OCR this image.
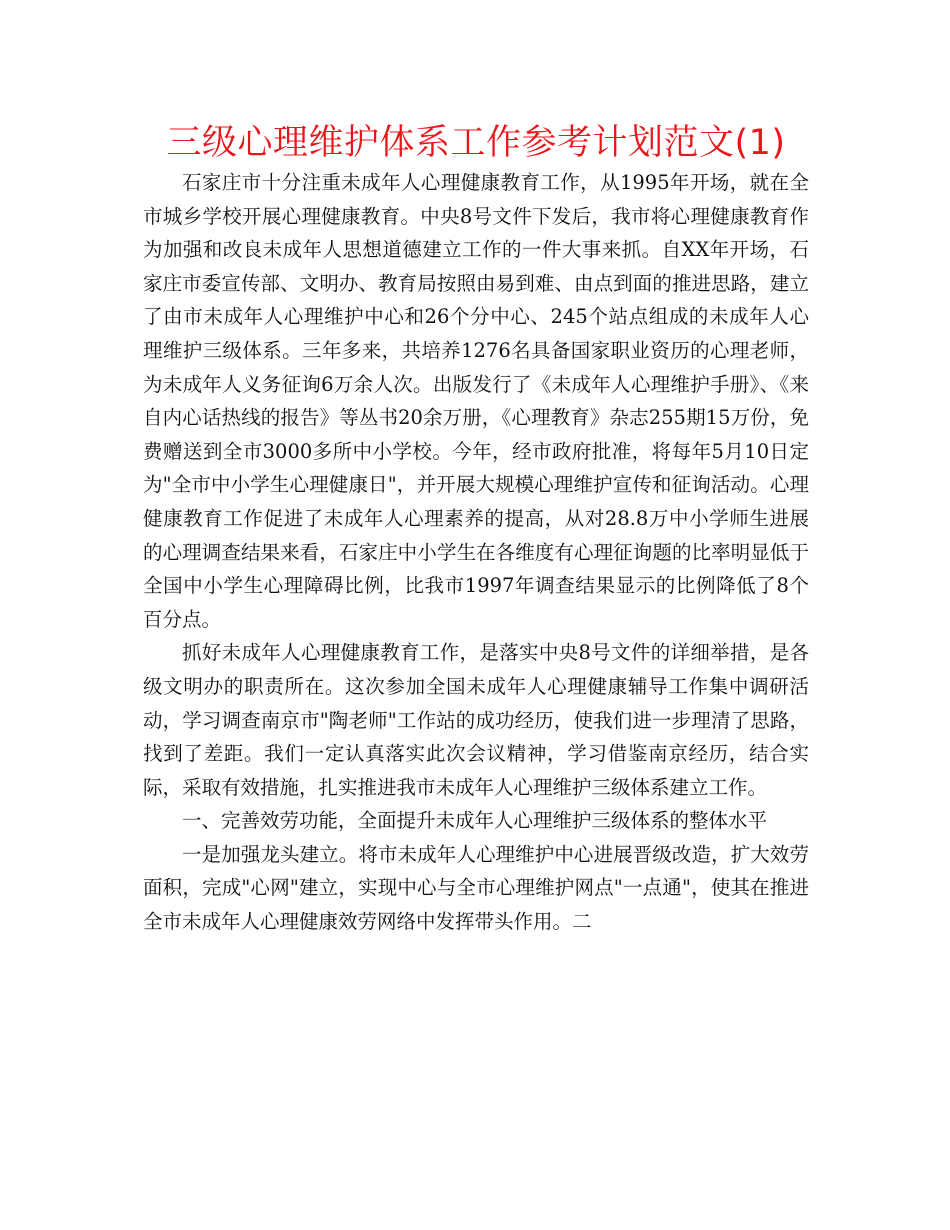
三级心理维护体系工作参考计划范文(1)

石家庄市十分注重未成年人心理健康教育工作，从1995年开场，就在全市城乡学校开展心理健康教育。中央8号文件下发后，我市将心理健康教育作为加强和改良未成年人思想道德建立工作的一件大事来抓。自XX年开场，石家庄市委宣传部、文明办、教育局按照由易到难、由点到面的推进思路，建立了由市未成年人心理维护中心和26个分中心、245个站点组成的未成年人心理维护三级体系。三年多来，共培养1276名具备国家职业资历的心理老师，为未成年人义务征询6万余人次。出版发行了《未成年人心理维护手册》、《来自内心话热线的报告》等丛书20余万册，《心理教育》杂志255期15万份，免费赠送到全市3000多所中小学校。今年，经市政府批准，将每年5月10日定为"全市中小学生心理健康日"，并开展大规模心理维护宣传和征询活动。心理健康教育工作促进了未成年人心理素养的提高，从对28.8万中小学师生进展的心理调查结果来看，石家庄中小学生在各维度有心理征询题的比率明显低于全国中小学生心理障碍比例，比我市1997年调查结果显示的比例降低了8个百分点。

抓好未成年人心理健康教育工作，是落实中央8号文件的详细举措，是各级文明办的职责所在。这次参加全国未成年人心理健康辅导工作集中调研活动，学习调查南京市"陶老师"工作站的成功经历，使我们进一步理清了思路，找到了差距。我们一定认真落实此次会议精神，学习借鉴南京经历，结合实际，采取有效措施，扎实推进我市未成年人心理维护三级体系建立工作。

一、完善效劳功能，全面提升未成年人心理维护三级体系的整体水平

一是加强龙头建立。将市未成年人心理维护中心进展晋级改造，扩大效劳面积，完成"心网"建立，实现中心与全市心理维护网点"一点通"，使其在推进全市未成年人心理健康效劳网络中发挥带头作用。二
